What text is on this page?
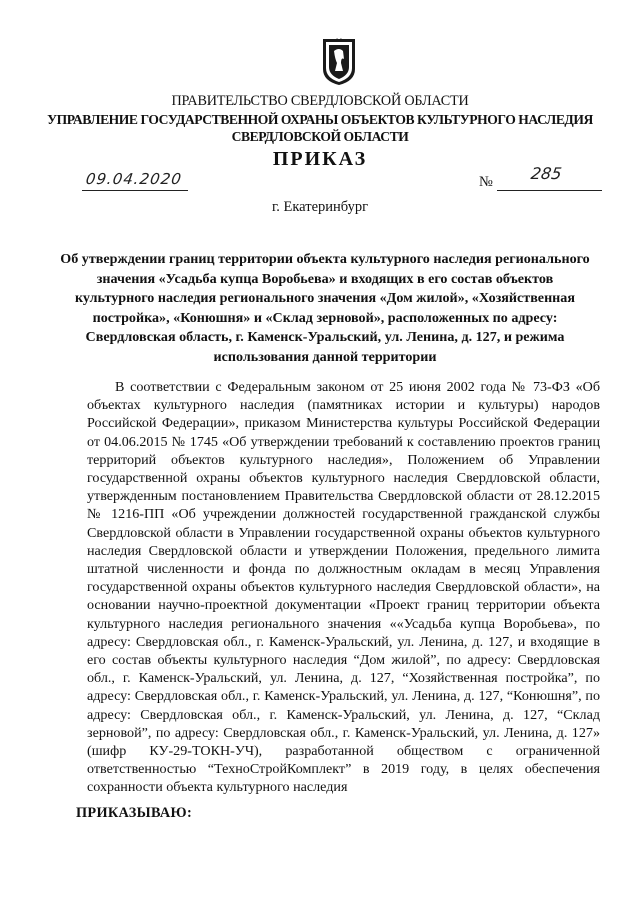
ПРАВИТЕЛЬСТВО СВЕРДЛОВСКОЙ ОБЛАСТИ
УПРАВЛЕНИЕ ГОСУДАРСТВЕННОЙ ОХРАНЫ ОБЪЕКТОВ КУЛЬТУРНОГО НАСЛЕДИЯ СВЕРДЛОВСКОЙ ОБЛАСТИ
ПРИКАЗ
09.04.2020	№ 285
г. Екатеринбург
Об утверждении границ территории объекта культурного наследия регионального значения «Усадьба купца Воробьева» и входящих в его состав объектов культурного наследия регионального значения «Дом жилой», «Хозяйственная постройка», «Конюшня» и «Склад зерновой», расположенных по адресу: Свердловская область, г. Каменск-Уральский, ул. Ленина, д. 127, и режима использования данной территории

В соответствии с Федеральным законом от 25 июня 2002 года № 73-ФЗ «Об объектах культурного наследия (памятниках истории и культуры) народов Российской Федерации», приказом Министерства культуры Российской Федерации от 04.06.2015 № 1745 «Об утверждении требований к составлению проектов границ территорий объектов культурного наследия», Положением об Управлении государственной охраны объектов культурного наследия Свердловской области, утвержденным постановлением Правительства Свердловской области от 28.12.2015 № 1216-ПП «Об учреждении должностей государственной гражданской службы Свердловской области в Управлении государственной охраны объектов культурного наследия Свердловской области и утверждении Положения, предельного лимита штатной численности и фонда по должностным окладам в месяц Управления государственной охраны объектов культурного наследия Свердловской области», на основании научно-проектной документации «Проект границ территории объекта культурного наследия регионального значения ««Усадьба купца Воробьева», по адресу: Свердловская обл., г. Каменск-Уральский, ул. Ленина, д. 127, и входящие в его состав объекты культурного наследия “Дом жилой”, по адресу: Свердловская обл., г. Каменск-Уральский, ул. Ленина, д. 127, “Хозяйственная постройка”, по адресу: Свердловская обл., г. Каменск-Уральский, ул. Ленина, д. 127, “Конюшня”, по адресу: Свердловская обл., г. Каменск-Уральский, ул. Ленина, д. 127, “Склад зерновой”, по адресу: Свердловская обл., г. Каменск-Уральский, ул. Ленина, д. 127» (шифр КУ-29-ТОКН-УЧ), разработанной обществом с ограниченной ответственностью “ТехноСтройКомплект” в 2019 году, в целях обеспечения сохранности объекта культурного наследия

ПРИКАЗЫВАЮ:
